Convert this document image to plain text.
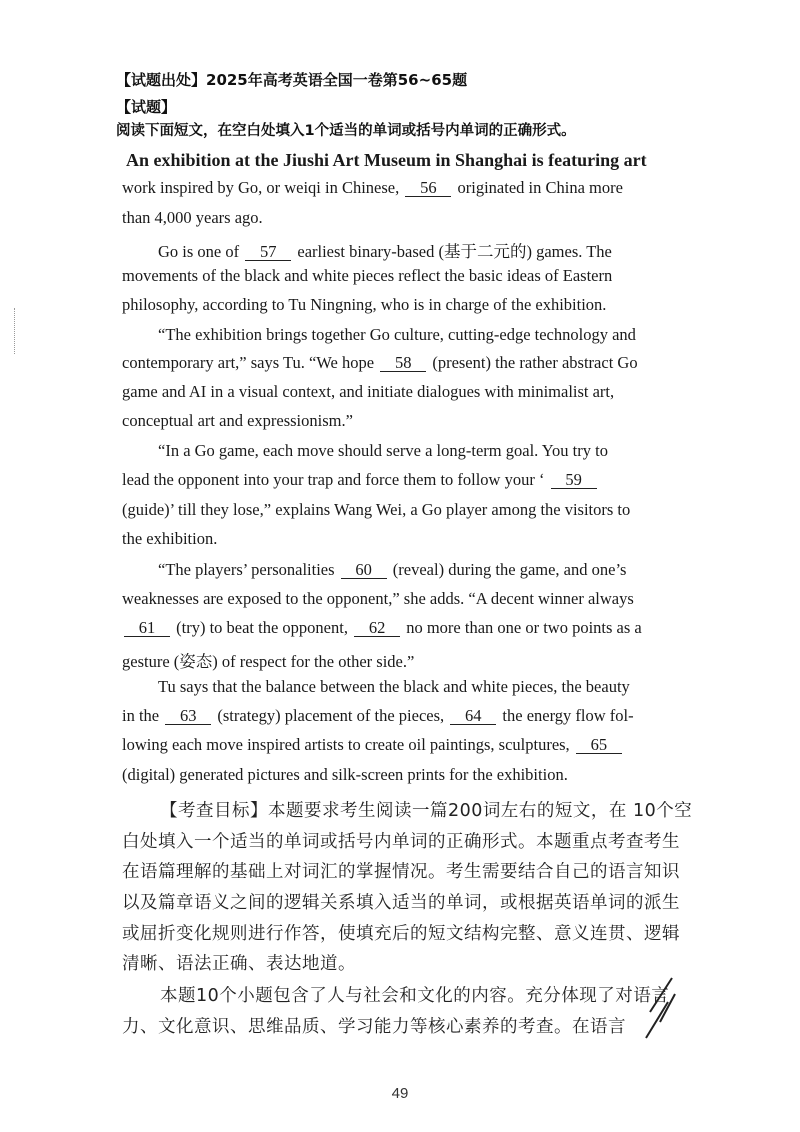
【试题出处】2025年高考英语全国一卷第56~65题
【试题】
阅读下面短文，在空白处填入1个适当的单词或括号内单词的正确形式。
An exhibition at the Jiushi Art Museum in Shanghai is featuring art
work inspired by Go, or weiqi in Chinese, 56 originated in China more
than 4,000 years ago.
Go is one of 57 earliest binary-based (基于二元的) games. The
movements of the black and white pieces reflect the basic ideas of Eastern
philosophy, according to Tu Ningning, who is in charge of the exhibition.
“The exhibition brings together Go culture, cutting-edge technology and
contemporary art,” says Tu. “We hope 58 (present) the rather abstract Go
game and AI in a visual context, and initiate dialogues with minimalist art,
conceptual art and expressionism.”
“In a Go game, each move should serve a long-term goal. You try to
lead the opponent into your trap and force them to follow your ‘ 59
(guide)’ till they lose,” explains Wang Wei, a Go player among the visitors to
the exhibition.
“The players’ personalities 60 (reveal) during the game, and one’s
weaknesses are exposed to the opponent,” she adds. “A decent winner always
61 (try) to beat the opponent, 62 no more than one or two points as a
gesture (姿态) of respect for the other side.”
Tu says that the balance between the black and white pieces, the beauty
in the 63 (strategy) placement of the pieces, 64 the energy flow fol-
lowing each move inspired artists to create oil paintings, sculptures, 65
(digital) generated pictures and silk-screen prints for the exhibition.
【考查目标】本题要求考生阅读一篇200词左右的短文，在 10个空
白处填入一个适当的单词或括号内单词的正确形式。本题重点考查考生
在语篇理解的基础上对词汇的掌握情况。考生需要结合自己的语言知识
以及篇章语义之间的逻辑关系填入适当的单词，或根据英语单词的派生
或屈折变化规则进行作答，使填充后的短文结构完整、意义连贯、逻辑
清晰、语法正确、表达地道。
本题10个小题包含了人与社会和文化的内容。充分体现了对语言
力、文化意识、思维品质、学习能力等核心素养的考查。在语言
49
